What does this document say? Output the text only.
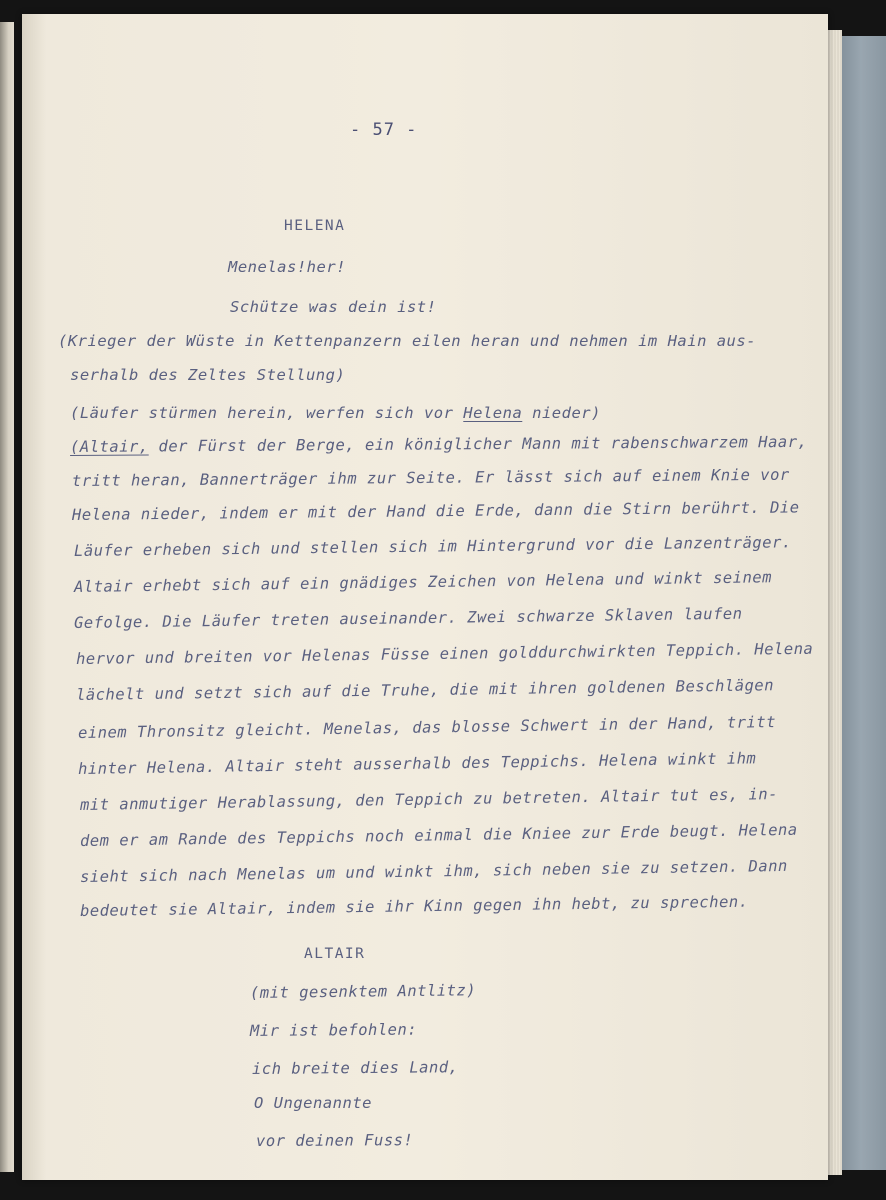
- 57 -

HELENA

Menelas!her!

Schütze was dein ist!

(Krieger der Wüste in Kettenpanzern eilen heran und nehmen im Hain aus-

serhalb des Zeltes Stellung)

(Läufer stürmen herein, werfen sich vor Helena nieder)

(Altair, der Fürst der Berge, ein königlicher Mann mit rabenschwarzem Haar,

tritt heran, Bannerträger ihm zur Seite. Er lässt sich auf einem Knie vor

Helena nieder, indem er mit der Hand die Erde, dann die Stirn berührt. Die

Läufer erheben sich und stellen sich im Hintergrund vor die Lanzenträger.

Altair erhebt sich auf ein gnädiges Zeichen von Helena und winkt seinem

Gefolge. Die Läufer treten auseinander. Zwei schwarze Sklaven laufen

hervor und breiten vor Helenas Füsse einen golddurchwirkten Teppich. Helena

lächelt und setzt sich auf die Truhe, die mit ihren goldenen Beschlägen

einem Thronsitz gleicht. Menelas, das blosse Schwert in der Hand, tritt

hinter Helena. Altair steht ausserhalb des Teppichs. Helena winkt ihm

mit anmutiger Herablassung, den Teppich zu betreten. Altair tut es, in-

dem er am Rande des Teppichs noch einmal die Kniee zur Erde beugt. Helena

sieht sich nach Menelas um und winkt ihm, sich neben sie zu setzen. Dann

bedeutet sie Altair, indem sie ihr Kinn gegen ihn hebt, zu sprechen.

ALTAIR

(mit gesenktem Antlitz)

Mir ist befohlen:

ich breite dies Land,

O Ungenannte

vor deinen Fuss!
